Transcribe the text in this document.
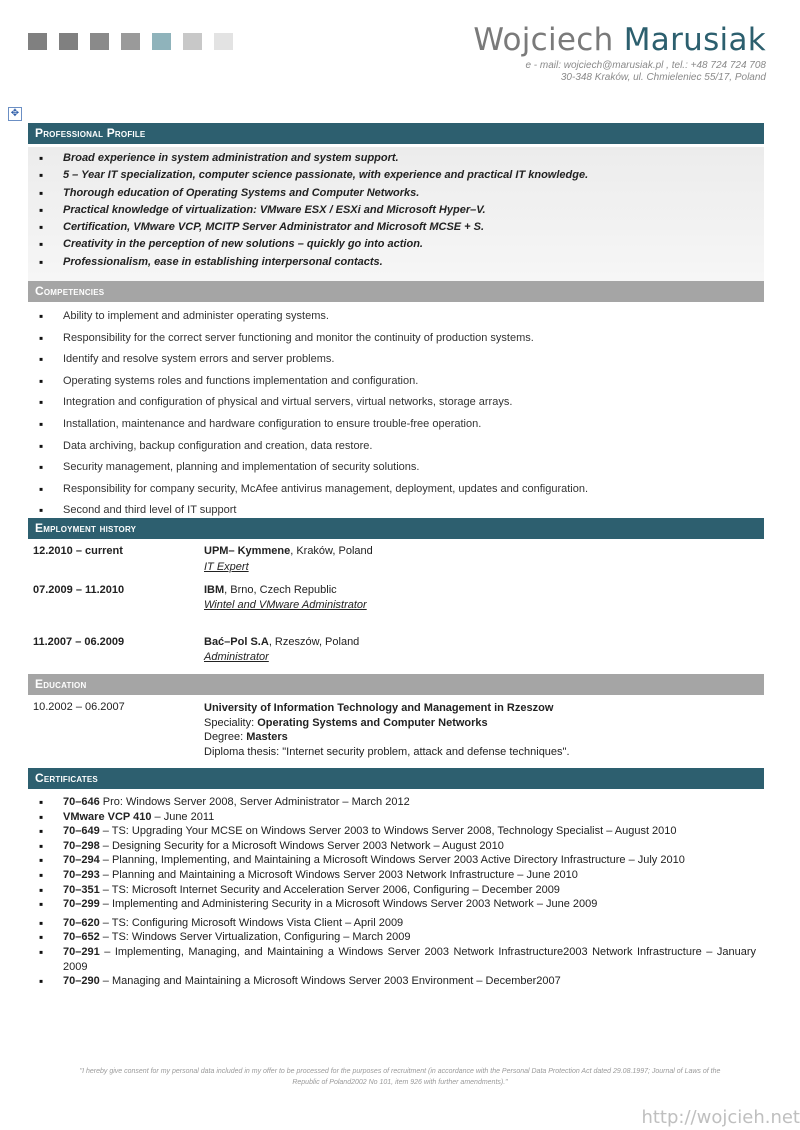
Wojciech Marusiak
e - mail: wojciech@marusiak.pl , tel.: +48 724 724 708
30-348 Kraków, ul. Chmieleniec 55/17, Poland
✥
Professional Profile
▪ Broad experience in system administration and system support.
▪ 5 – Year IT specialization, computer science passionate, with experience and practical IT knowledge.
▪ Thorough education of Operating Systems and Computer Networks.
▪ Practical knowledge of virtualization: VMware ESX / ESXi and Microsoft Hyper–V.
▪ Certification, VMware VCP, MCITP Server Administrator and Microsoft MCSE + S.
▪ Creativity in the perception of new solutions – quickly go into action.
▪ Professionalism, ease in establishing interpersonal contacts.
Competencies
▪ Ability to implement and administer operating systems.
▪ Responsibility for the correct server functioning and monitor the continuity of production systems.
▪ Identify and resolve system errors and server problems.
▪ Operating systems roles and functions implementation and configuration.
▪ Integration and configuration of physical and virtual servers, virtual networks, storage arrays.
▪ Installation, maintenance and hardware configuration to ensure trouble-free operation.
▪ Data archiving, backup configuration and creation, data restore.
▪ Security management, planning and implementation of security solutions.
▪ Responsibility for company security, McAfee antivirus management, deployment, updates and configuration.
▪ Second and third level of IT support
Employment history
12.2010 – current	UPM– Kymmene, Kraków, Poland
IT Expert
07.2009 – 11.2010	IBM, Brno, Czech Republic
Wintel and VMware Administrator
11.2007 – 06.2009	Bać–Pol S.A, Rzeszów, Poland
Administrator
Education
10.2002 – 06.2007	University of Information Technology and Management in Rzeszow
Speciality: Operating Systems and Computer Networks
Degree: Masters
Diploma thesis: "Internet security problem, attack and defense techniques".
Certificates
▪ 70–646 Pro: Windows Server 2008, Server Administrator – March 2012
▪ VMware VCP 410 – June 2011
▪ 70–649 – TS: Upgrading Your MCSE on Windows Server 2003 to Windows Server 2008, Technology Specialist – August 2010
▪ 70–298 – Designing Security for a Microsoft Windows Server 2003 Network – August 2010
▪ 70–294 – Planning, Implementing, and Maintaining a Microsoft Windows Server 2003 Active Directory Infrastructure – July 2010
▪ 70–293 – Planning and Maintaining a Microsoft Windows Server 2003 Network Infrastructure – June 2010
▪ 70–351 – TS: Microsoft Internet Security and Acceleration Server 2006, Configuring – December 2009
▪ 70–299 – Implementing and Administering Security in a Microsoft Windows Server 2003 Network – June 2009
▪ 70–620 – TS: Configuring Microsoft Windows Vista Client – April 2009
▪ 70–652 – TS: Windows Server Virtualization, Configuring – March 2009
▪ 70–291 – Implementing, Managing, and Maintaining a Windows Server 2003 Network Infrastructure2003 Network Infrastructure – January 2009
▪ 70–290 – Managing and Maintaining a Microsoft Windows Server 2003 Environment – December2007
"I hereby give consent for my personal data included in my offer to be processed for the purposes of recruitment (in accordance with the Personal Data Protection Act dated 29.08.1997; Journal of Laws of the Republic of Poland2002 No 101, item 926 with further amendments)."
http://wojcieh.net
